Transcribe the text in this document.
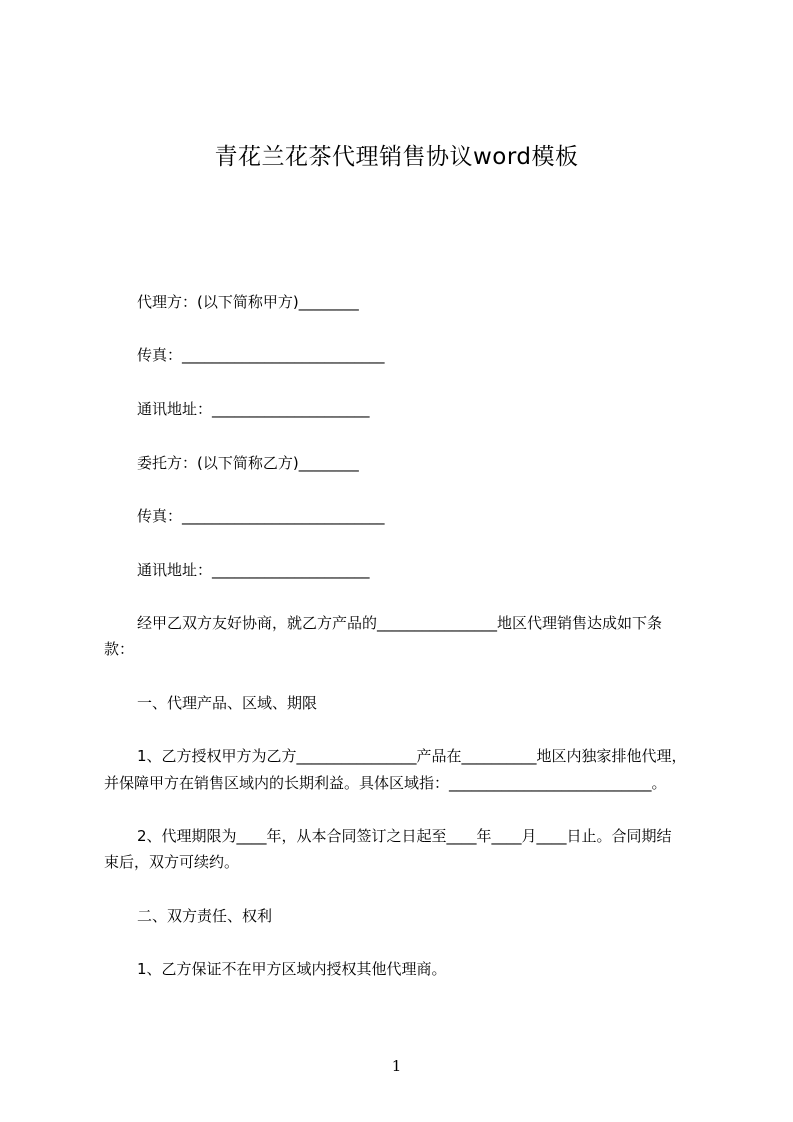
青花兰花茶代理销售协议word模板
代理方：(以下简称甲方)________
传真：___________________________
通讯地址：_____________________
委托方：(以下简称乙方)________
传真：___________________________
通讯地址：_____________________
经甲乙双方友好协商，就乙方产品的________________地区代理销售达成如下条
款：
一、代理产品、区域、期限
1、乙方授权甲方为乙方________________产品在__________地区内独家排他代理，
并保障甲方在销售区域内的长期利益。具体区域指：___________________________。
2、代理期限为____年，从本合同签订之日起至____年____月____日止。合同期结
束后，双方可续约。
二、双方责任、权利
1、乙方保证不在甲方区域内授权其他代理商。
1
